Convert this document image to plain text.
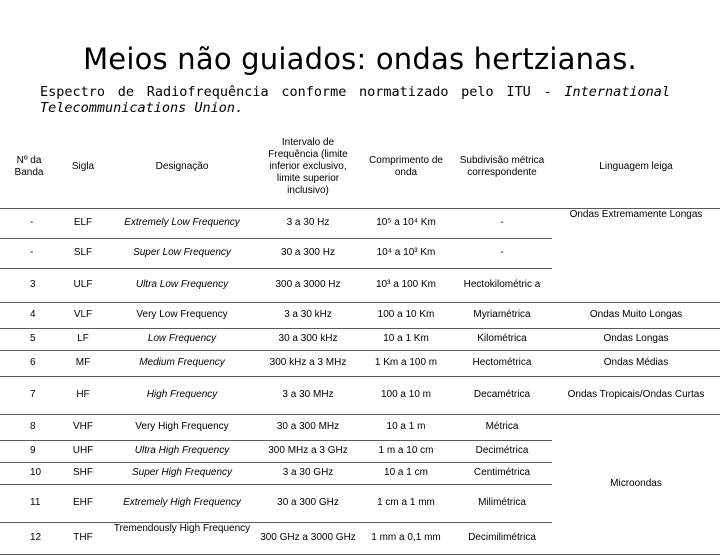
Meios não guiados: ondas hertzianas.
Espectro de Radiofrequência conforme normatizado pelo ITU - International
Telecommunications Union.
Nº da Banda	Sigla	Designação	Intervalo de Frequência (limite inferior exclusivo, limite superior inclusivo)	Comprimento de onda	Subdivisão métrica correspondente	Linguagem leiga
-	ELF	Extremely Low Frequency	3 a 30 Hz	10⁵ a 10⁴ Km	-	Ondas Extremamente Longas
-	SLF	Super Low Frequency	30 a 300 Hz	10⁴ a 10³ Km	-	
3	ULF	Ultra Low Frequency	300 a 3000 Hz	10³ a 100 Km	Hectokilométric a	
4	VLF	Very Low Frequency	3 a 30 kHz	100 a 10 Km	Myriamétrica	Ondas Muito Longas
5	LF	Low Frequency	30 a 300 kHz	10 a 1 Km	Kilométrica	Ondas Longas
6	MF	Medium Frequency	300 kHz a 3 MHz	1 Km a 100 m	Hectométrica	Ondas Médias
7	HF	High Frequency	3 a 30 MHz	100 a 10 m	Decamétrica	Ondas Tropicais/Ondas Curtas
8	VHF	Very High Frequency	30 a 300 MHz	10 a 1 m	Métrica	Microondas
9	UHF	Ultra High Frequency	300 MHz a 3 GHz	1 m a 10 cm	Decimétrica	
10	SHF	Super High Frequency	3 a 30 GHz	10 a 1 cm	Centimétrica	
11	EHF	Extremely High Frequency	30 a 300 GHz	1 cm a 1 mm	Milimétrica	
12	THF	Tremendously High Frequency	300 GHz a 3000 GHz	1 mm a 0,1 mm	Decimilimétrica	
